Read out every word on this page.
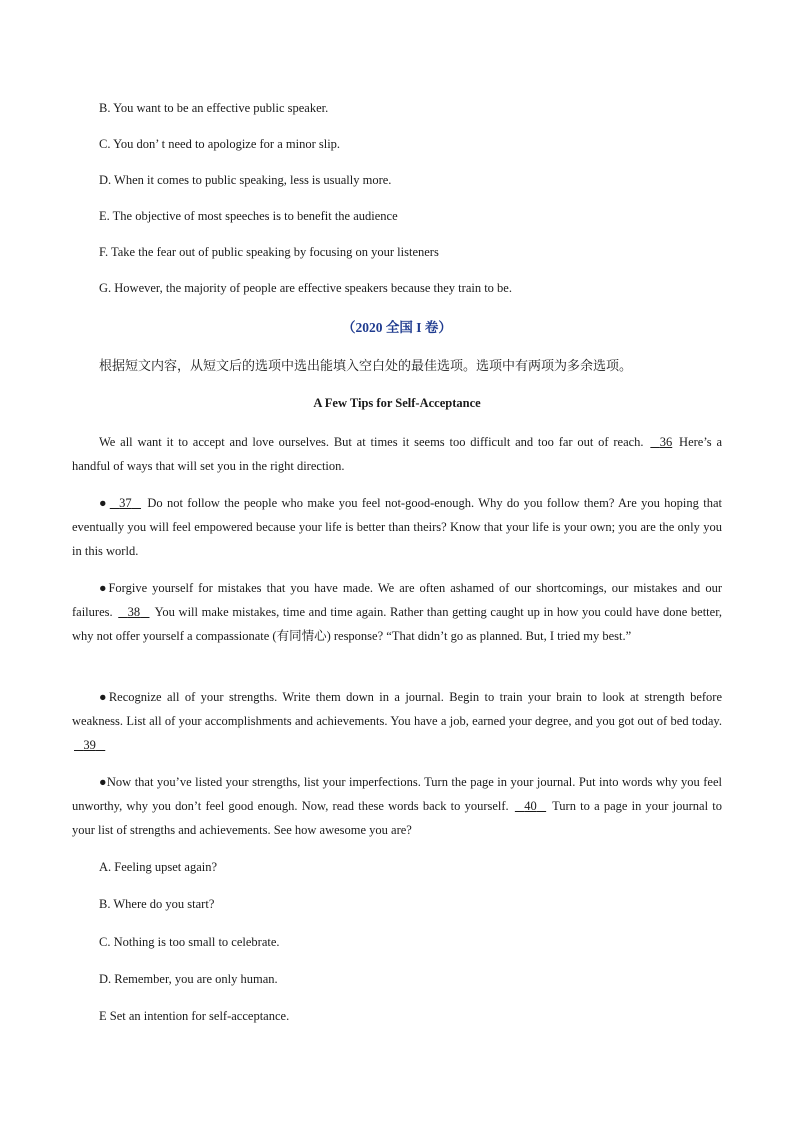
B. You want to be an effective public speaker.
C. You don’ t need to apologize for a minor slip.
D. When it comes to public speaking, less is usually more.
E. The objective of most speeches is to benefit the audience
F. Take the fear out of public speaking by focusing on your listeners
G. However, the majority of people are effective speakers because they train to be.
（2020 全国 I 卷）
根据短文内容，从短文后的选项中选出能填入空白处的最佳选项。选项中有两项为多余选项。
A Few Tips for Self-Acceptance
We all want it to accept and love ourselves. But at times it seems too difficult and too far out of reach. 36 Here’s a handful of ways that will set you in the right direction.
● 37 Do not follow the people who make you feel not-good-enough. Why do you follow them? Are you hoping that eventually you will feel empowered because your life is better than theirs? Know that your life is your own; you are the only you in this world.
●Forgive yourself for mistakes that you have made. We are often ashamed of our shortcomings, our mistakes and our failures. 38 You will make mistakes, time and time again. Rather than getting caught up in how you could have done better, why not offer yourself a compassionate (有同情心) response? “That didn’t go as planned. But, I tried my best.”
●Recognize all of your strengths. Write them down in a journal. Begin to train your brain to look at strength before weakness. List all of your accomplishments and achievements. You have a job, earned your degree, and you got out of bed today.    39
●Now that you’ve listed your strengths, list your imperfections. Turn the page in your journal. Put into words why you feel unworthy, why you don’t feel good enough. Now, read these words back to yourself. 40 Turn to a page in your journal to your list of strengths and achievements. See how awesome you are?
A. Feeling upset again?
B. Where do you start?
C. Nothing is too small to celebrate.
D. Remember, you are only human.
E Set an intention for self-acceptance.
